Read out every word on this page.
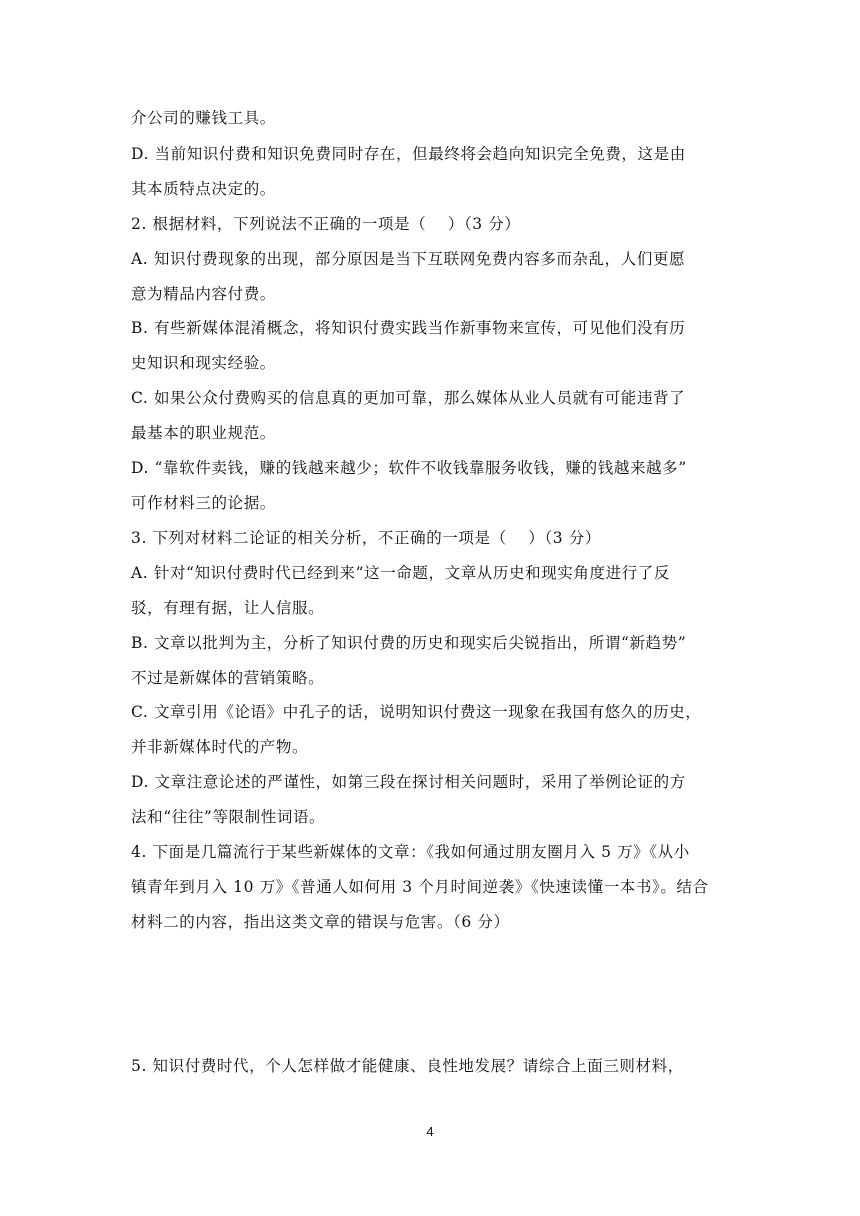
介公司的赚钱工具。
D. 当前知识付费和知识免费同时存在，但最终将会趋向知识完全免费，这是由
其本质特点决定的。
2. 根据材料，下列说法不正确的一项是（　 ）（3 分）
A. 知识付费现象的出现，部分原因是当下互联网免费内容多而杂乱，人们更愿
意为精品内容付费。
B. 有些新媒体混淆概念，将知识付费实践当作新事物来宣传，可见他们没有历
史知识和现实经验。
C. 如果公众付费购买的信息真的更加可靠，那么媒体从业人员就有可能违背了
最基本的职业规范。
D. “靠软件卖钱，赚的钱越来越少；软件不收钱靠服务收钱，赚的钱越来越多”
可作材料三的论据。
3. 下列对材料二论证的相关分析，不正确的一项是（　 ）（3 分）
A. 针对“知识付费时代已经到来”这一命题，文章从历史和现实角度进行了反
驳，有理有据，让人信服。
B. 文章以批判为主，分析了知识付费的历史和现实后尖锐指出，所谓“新趋势”
不过是新媒体的营销策略。
C. 文章引用《论语》中孔子的话，说明知识付费这一现象在我国有悠久的历史，
并非新媒体时代的产物。
D. 文章注意论述的严谨性，如第三段在探讨相关问题时，采用了举例论证的方
法和“往往”等限制性词语。
4. 下面是几篇流行于某些新媒体的文章：《我如何通过朋友圈月入 5 万》《从小
镇青年到月入 10 万》《普通人如何用 3 个月时间逆袭》《快速读懂一本书》。结合
材料二的内容，指出这类文章的错误与危害。（6 分）
5. 知识付费时代，个人怎样做才能健康、良性地发展？请综合上面三则材料，
4
